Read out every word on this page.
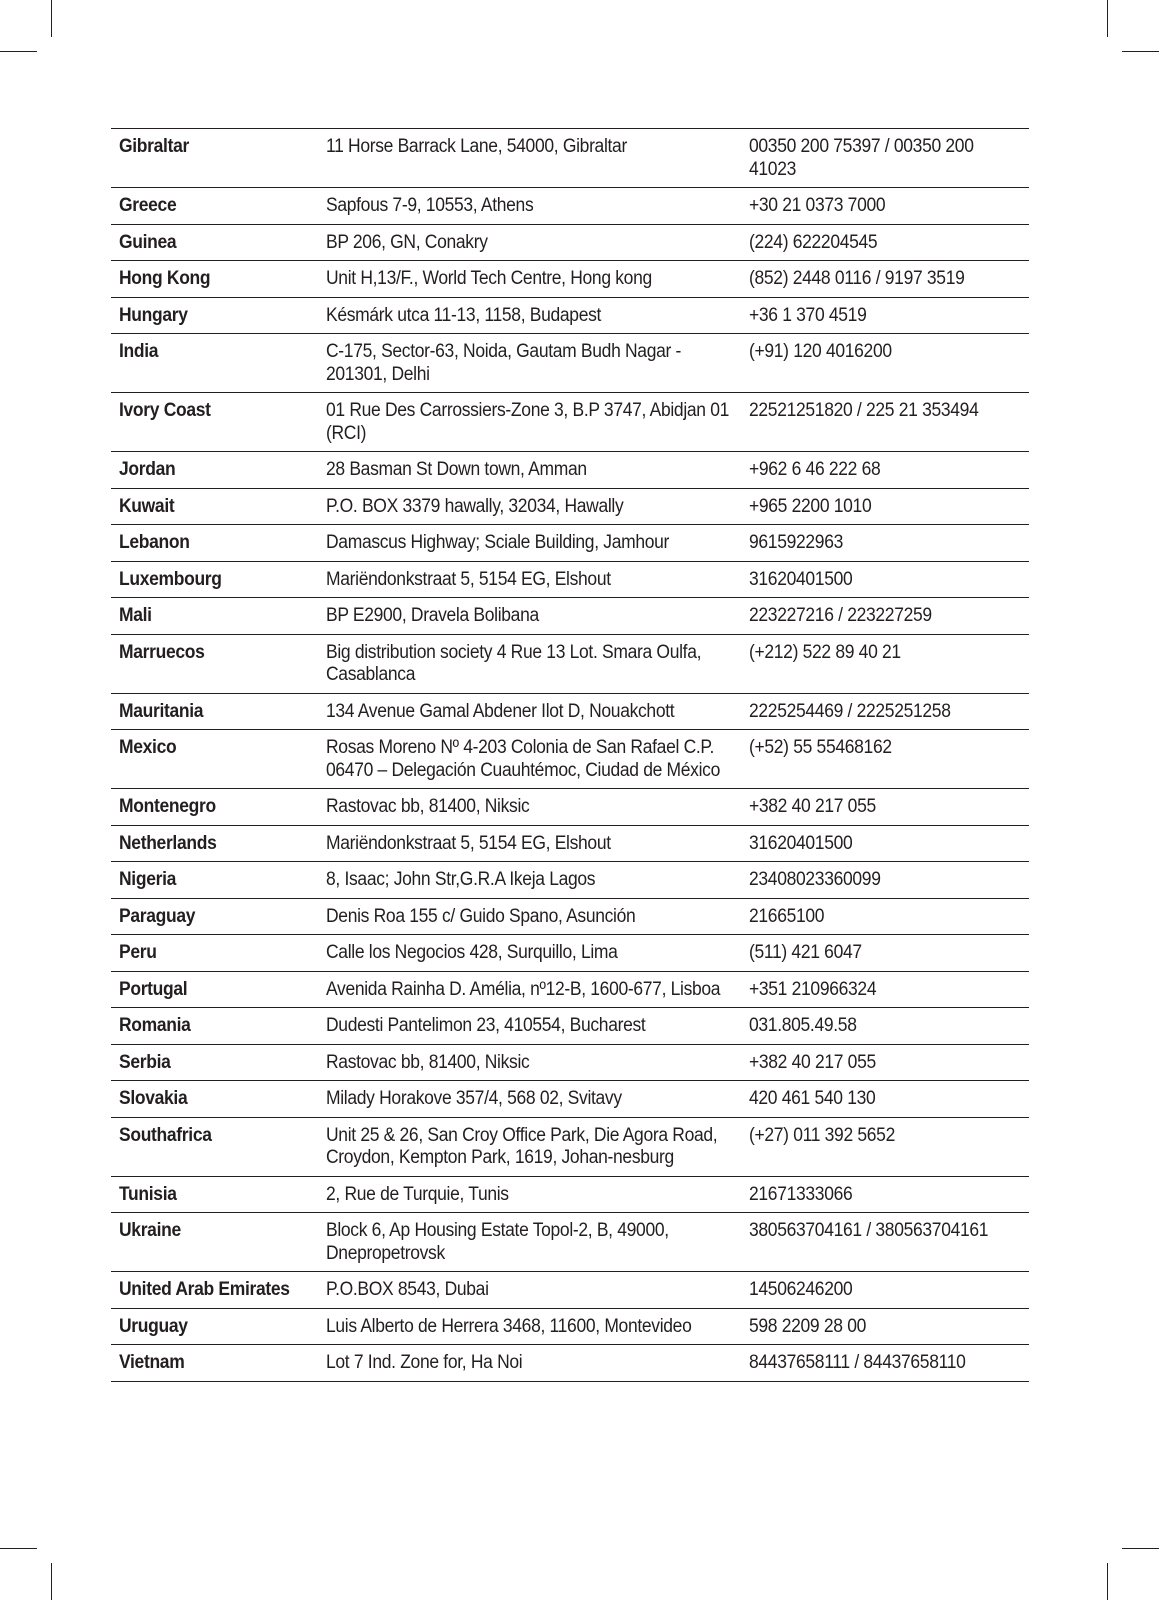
Gibraltar	11 Horse Barrack Lane, 54000, Gibraltar	00350 200 75397 / 00350 200 41023
Greece	Sapfous 7-9, 10553, Athens	+30 21 0373 7000
Guinea	BP 206, GN, Conakry	(224) 622204545
Hong Kong	Unit H,13/F., World Tech Centre, Hong kong	(852) 2448 0116 / 9197 3519
Hungary	Késmárk utca 11-13, 1158, Budapest	+36 1 370 4519
India	C-175, Sector-63, Noida, Gautam Budh Nagar - 201301, Delhi	(+91) 120 4016200
Ivory Coast	01 Rue Des Carrossiers-Zone 3, B.P 3747, Abidjan 01 (RCI)	22521251820 / 225 21 353494
Jordan	28 Basman St Down town, Amman	+962 6 46 222 68
Kuwait	P.O. BOX 3379 hawally, 32034, Hawally	+965 2200 1010
Lebanon	Damascus Highway; Sciale Building, Jamhour	9615922963
Luxembourg	Mariëndonkstraat 5, 5154 EG, Elshout	31620401500
Mali	BP E2900, Dravela Bolibana	223227216 / 223227259
Marruecos	Big distribution society 4 Rue 13 Lot. Smara Oulfa, Casablanca	(+212) 522 89 40 21
Mauritania	134 Avenue Gamal Abdener Ilot D, Nouakchott	2225254469 / 2225251258
Mexico	Rosas Moreno Nº 4-203 Colonia de San Rafael C.P. 06470 – Delegación Cuauhtémoc, Ciudad de México	(+52) 55 55468162
Montenegro	Rastovac bb, 81400, Niksic	+382 40 217 055
Netherlands	Mariëndonkstraat 5, 5154 EG, Elshout	31620401500
Nigeria	8, Isaac; John Str,G.R.A Ikeja Lagos	23408023360099
Paraguay	Denis Roa 155 c/ Guido Spano, Asunción	21665100
Peru	Calle los Negocios 428, Surquillo, Lima	(511) 421 6047
Portugal	Avenida Rainha D. Amélia, nº12-B, 1600-677, Lisboa	+351 210966324
Romania	Dudesti Pantelimon 23, 410554, Bucharest	031.805.49.58
Serbia	Rastovac bb, 81400, Niksic	+382 40 217 055
Slovakia	Milady Horakove 357/4, 568 02, Svitavy	420 461 540 130
Southafrica	Unit 25 & 26, San Croy Office Park, Die Agora Road, Croydon, Kempton Park, 1619, Johan-nesburg	(+27) 011 392 5652
Tunisia	2, Rue de Turquie, Tunis	21671333066
Ukraine	Block 6, Ap Housing Estate Topol-2, B, 49000, Dnepropetrovsk	380563704161 / 380563704161
United Arab Emirates	P.O.BOX 8543, Dubai	14506246200
Uruguay	Luis Alberto de Herrera 3468, 11600, Montevideo	598 2209 28 00
Vietnam	Lot 7 Ind. Zone for, Ha Noi	84437658111 / 84437658110
